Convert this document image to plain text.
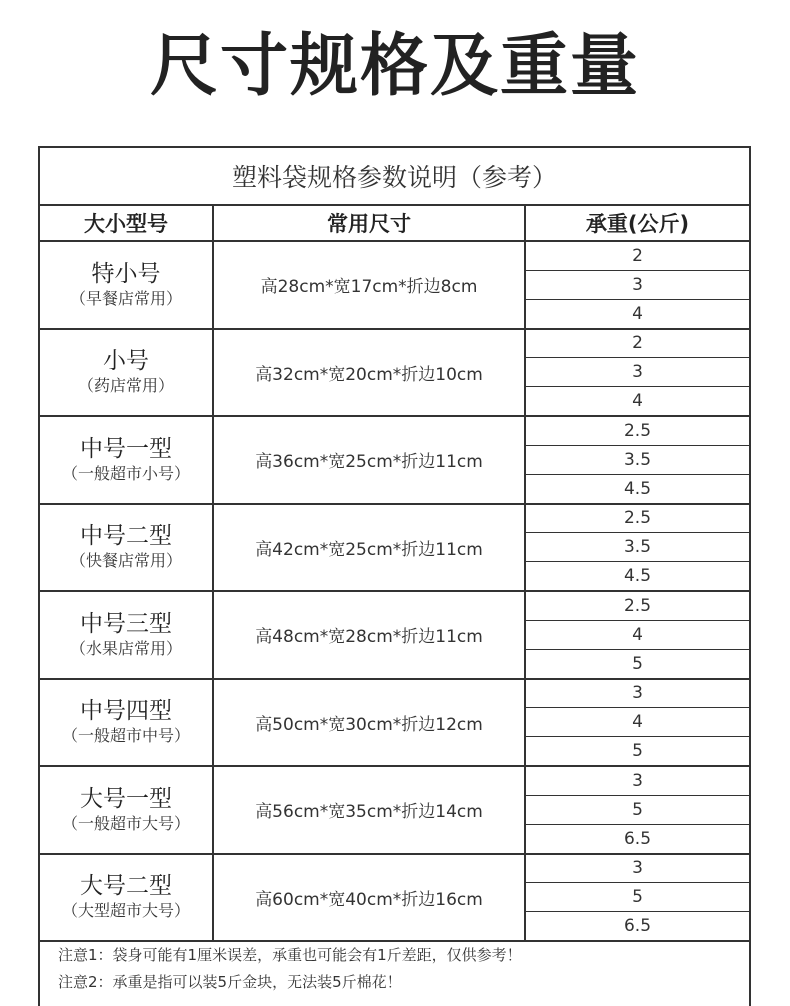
尺寸规格及重量
塑料袋规格参数说明（参考）
大小型号	常用尺寸	承重(公斤)
特小号
（早餐店常用）
高28cm*宽17cm*折边8cm
2
3
4
小号
（药店常用）
高32cm*宽20cm*折边10cm
2
3
4
中号一型
（一般超市小号）
高36cm*宽25cm*折边11cm
2.5
3.5
4.5
中号二型
（快餐店常用）
高42cm*宽25cm*折边11cm
2.5
3.5
4.5
中号三型
（水果店常用）
高48cm*宽28cm*折边11cm
2.5
4
5
中号四型
（一般超市中号）
高50cm*宽30cm*折边12cm
3
4
5
大号一型
（一般超市大号）
高56cm*宽35cm*折边14cm
3
5
6.5
大号二型
（大型超市大号）
高60cm*宽40cm*折边16cm
3
5
6.5
注意1：袋身可能有1厘米误差，承重也可能会有1斤差距，仅供参考！
注意2：承重是指可以装5斤金块，无法装5斤棉花！
